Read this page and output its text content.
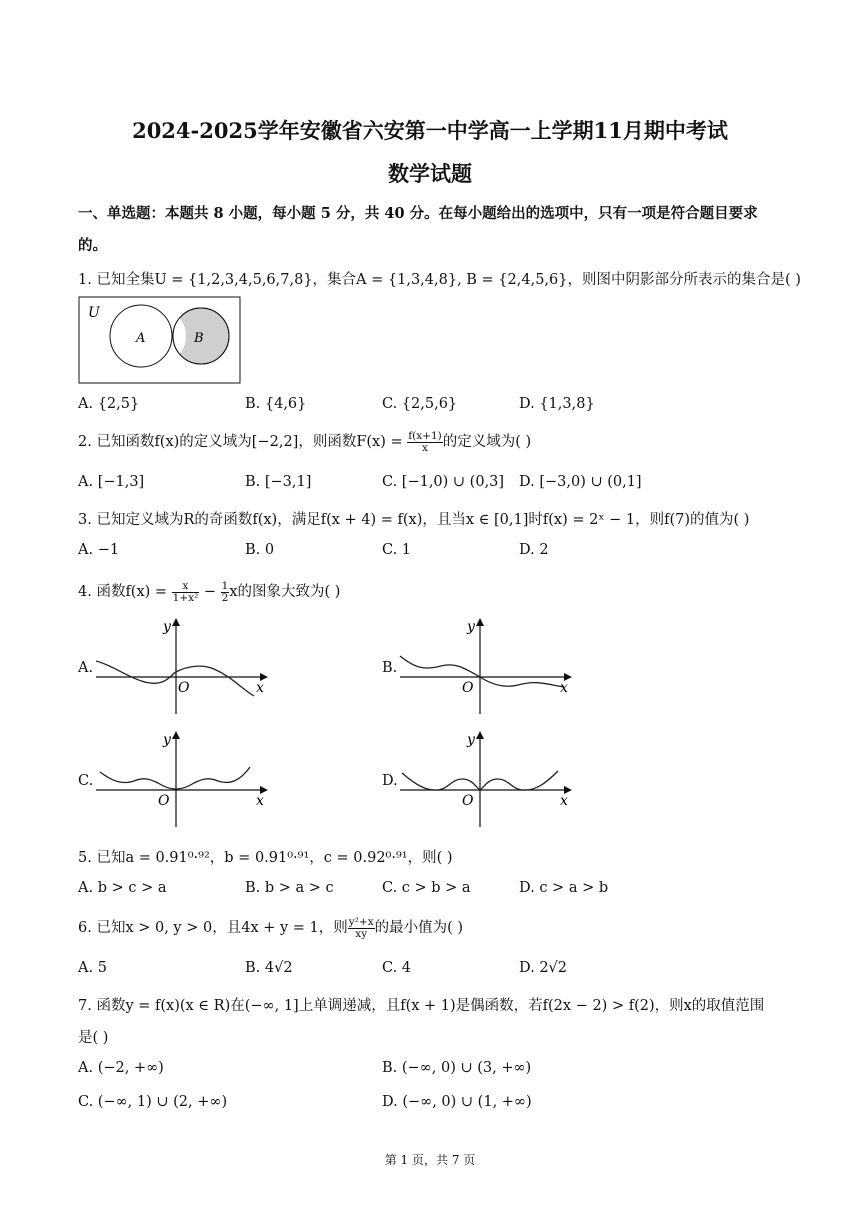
2024-2025学年安徽省六安第一中学高一上学期11月期中考试
数学试题
一、单选题：本题共 8 小题，每小题 5 分，共 40 分。在每小题给出的选项中，只有一项是符合题目要求
的。
1. 已知全集U = {1,2,3,4,5,6,7,8}，集合A = {1,3,4,8}, B = {2,4,5,6}，则图中阴影部分所表示的集合是( )
U
A	B
A. {2,5}	B. {4,6}	C. {2,5,6}	D. {1,3,8}
2. 已知函数f(x)的定义域为[−2,2]，则函数$F(x) = \frac{f(x+1)}{x}$ 的定义域为( )
A. [−1,3]	B. [−3,1]	C. [−1,0) ∪ (0,3] D. [−3,0) ∪ (0,1]
3. 已知定义域为R的奇函数f(x)，满足f(x + 4) = f(x)，且当x ∈ [0,1]时f(x) = 2ˣ − 1，则f(7)的值为( )
A. −1	B. 0	C. 1	D. 2
4. 函数$f(x) = \frac{x}{\text{1+x²}} - \frac{1}{2}$ x的图象大致为( )
A.
y
x
O
B.
y
x
O
C.
y
x
O
D.
y
x
O
5. 已知a = 0.91⁰·⁹²，b = 0.91⁰·⁹¹，c = 0.92⁰·⁹¹，则( )
A. b > c > a	B. b > a > c	C. c > b > a	D. c > a > b
6. 已知x > 0, y > 0，且4x + y = 1，则 $\frac{\text{y²+x}}{xy}$ 的最小值为( )
A. 5	B. 4√2	C. 4	D. 2√2
7. 函数y = f(x)(x ∈ R)在(−∞, 1]上单调递减，且f(x + 1)是偶函数，若f(2x − 2) > f(2)，则x的取值范围
是( )
A. (−2, +∞)	B. (−∞, 0) ∪ (3, +∞)
C. (−∞, 1) ∪ (2, +∞)	D. (−∞, 0) ∪ (1, +∞)
第 1 页，共 7 页
